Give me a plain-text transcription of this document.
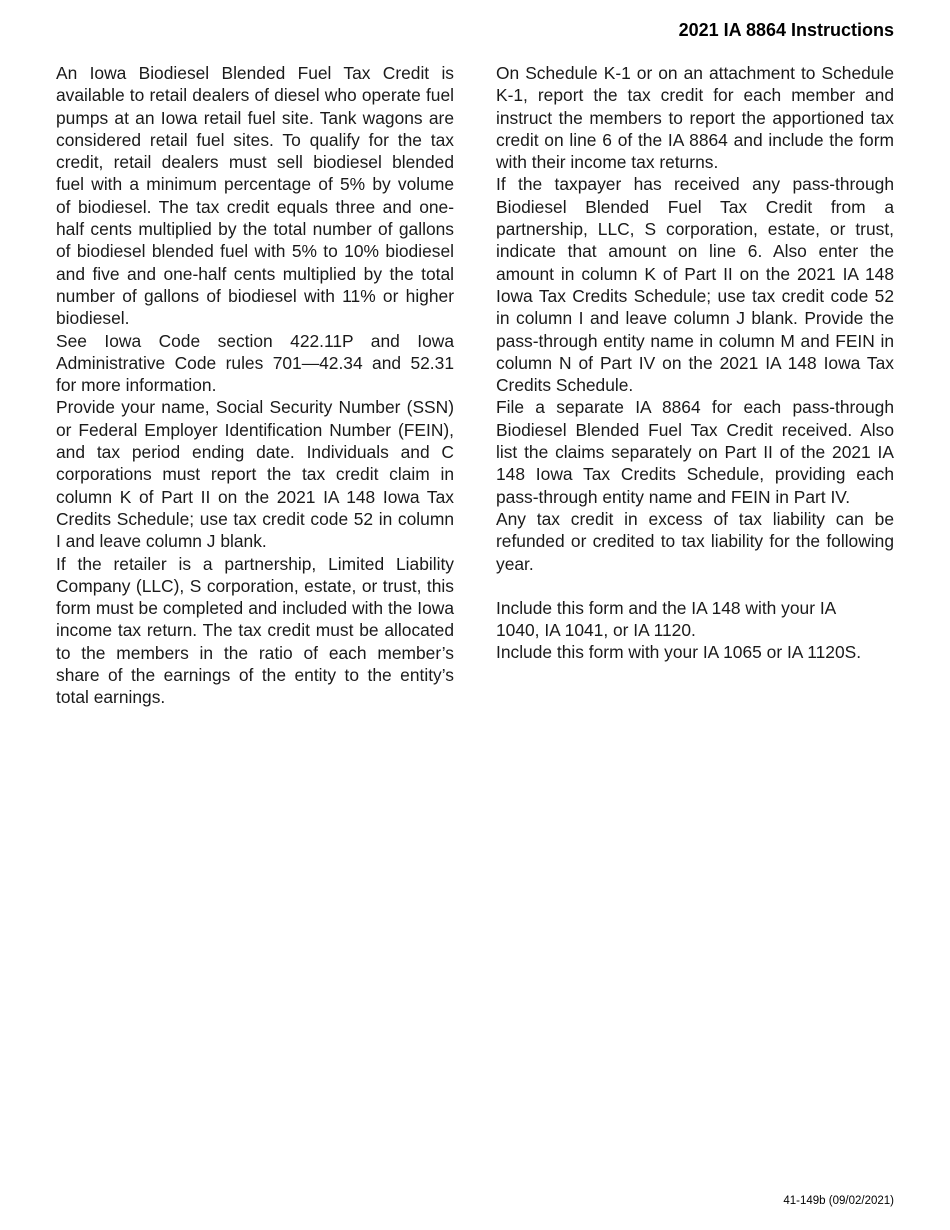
2021 IA 8864 Instructions

An Iowa Biodiesel Blended Fuel Tax Credit is available to retail dealers of diesel who operate fuel pumps at an Iowa retail fuel site. Tank wagons are considered retail fuel sites. To qualify for the tax credit, retail dealers must sell biodiesel blended fuel with a minimum percentage of 5% by volume of biodiesel. The tax credit equals three and one-half cents multiplied by the total number of gallons of biodiesel blended fuel with 5% to 10% biodiesel and five and one-half cents multiplied by the total number of gallons of biodiesel with 11% or higher biodiesel.

See Iowa Code section 422.11P and Iowa Administrative Code rules 701—42.34 and 52.31 for more information.

Provide your name, Social Security Number (SSN) or Federal Employer Identification Number (FEIN), and tax period ending date. Individuals and C corporations must report the tax credit claim in column K of Part II on the 2021 IA 148 Iowa Tax Credits Schedule; use tax credit code 52 in column I and leave column J blank.

If the retailer is a partnership, Limited Liability Company (LLC), S corporation, estate, or trust, this form must be completed and included with the Iowa income tax return. The tax credit must be allocated to the members in the ratio of each member’s share of the earnings of the entity to the entity’s total earnings.

On Schedule K-1 or on an attachment to Schedule K-1, report the tax credit for each member and instruct the members to report the apportioned tax credit on line 6 of the IA 8864 and include the form with their income tax returns.

If the taxpayer has received any pass-through Biodiesel Blended Fuel Tax Credit from a partnership, LLC, S corporation, estate, or trust, indicate that amount on line 6. Also enter the amount in column K of Part II on the 2021 IA 148 Iowa Tax Credits Schedule; use tax credit code 52 in column I and leave column J blank. Provide the pass-through entity name in column M and FEIN in column N of Part IV on the 2021 IA 148 Iowa Tax Credits Schedule.

File a separate IA 8864 for each pass-through Biodiesel Blended Fuel Tax Credit received. Also list the claims separately on Part II of the 2021 IA 148 Iowa Tax Credits Schedule, providing each pass-through entity name and FEIN in Part IV.

Any tax credit in excess of tax liability can be refunded or credited to tax liability for the following year.

Include this form and the IA 148 with your IA

1040, IA 1041, or IA 1120.

Include this form with your IA 1065 or IA 1120S.

41-149b (09/02/2021)
